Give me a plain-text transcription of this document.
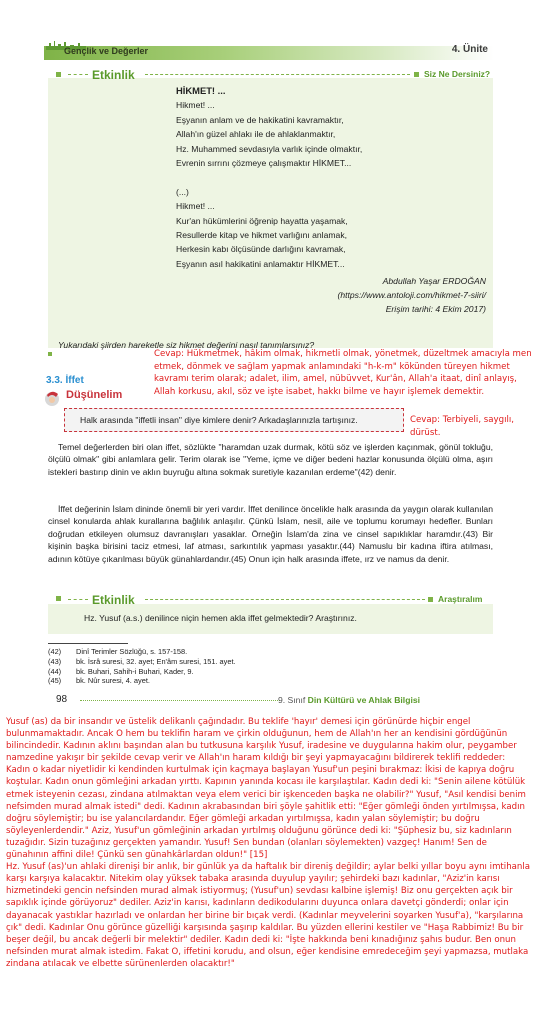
Gençlik ve Değerler	4. Ünite
Etkinlik	Siz Ne Dersiniz?
HİKMET! ...
Hikmet! ...
Eşyanın anlam ve de hakikatini kavramaktır,
Allah'ın güzel ahlakı ile de ahlaklanmaktır,
Hz. Muhammed sevdasıyla varlık içinde olmaktır,
Evrenin sırrını çözmeye çalışmaktır HİKMET...
(...)
Hikmet! ...
Kur'an hükümlerini öğrenip hayatta yaşamak,
Resullerde kitap ve hikmet varlığını anlamak,
Herkesin kabı ölçüsünde darlığını kavramak,
Eşyanın asıl hakikatini anlamaktır HİKMET...
Abdullah Yaşar ERDOĞAN
(https://www.antoloji.com/hikmet-7-siiri/
Erişim tarihi: 4 Ekim 2017)
Yukarıdaki şiirden hareketle siz hikmet değerini nasıl tanımlarsınız?
Cevap: Hükmetmek, hâkim olmak, hikmetli olmak, yönetmek, düzeltmek amacıyla men etmek, dönmek ve sağlam yapmak anlamındaki "h-k-m" kökünden türeyen hikmet kavramı terim olarak; adalet, ilim, amel, nübüvvet, Kur'ân, Allah'a itaat, dinî anlayış, Allah korkusu, akıl, söz ve işte isabet, hakkı bilme ve hayır işlemek demektir.
3.3. İffet
Düşünelim
Halk arasında "iffetli insan" diye kimlere denir? Arkadaşlarınızla tartışınız.	Cevap: Terbiyeli, saygılı, dürüst.
Temel değerlerden biri olan iffet, sözlükte "haramdan uzak durmak, kötü söz ve işlerden kaçınmak, gönül tokluğu, ölçülü olmak" gibi anlamlara gelir. Terim olarak ise "Yeme, içme ve diğer bedeni hazlar konusunda ölçülü olma, aşırı istekleri bastırıp dinin ve aklın buyruğu altına sokmak suretiyle kazanılan erdeme"(42) denir.
İffet değerinin İslam dininde önemli bir yeri vardır. İffet denilince öncelikle halk arasında da yaygın olarak kullanılan cinsel konularda ahlak kurallarına bağlılık anlaşılır. Çünkü İslam, nesil, aile ve toplumu korumayı hedefler. Bunları doğrudan etkileyen olumsuz davranışları yasaklar. Örneğin İslam'da zina ve cinsel sapıklıklar haramdır.(43) Bir kişinin başka birisini taciz etmesi, laf atması, sarkıntılık yapması yasaktır.(44) Namuslu bir kadına iftira atılması, adının kötüye çıkarılması büyük günahlardandır.(45) Onun için halk arasında iffete, ırz ve namus da denir.
Etkinlik	Araştıralım
Hz. Yusuf (a.s.) denilince niçin hemen akla iffet gelmektedir? Araştırınız.
(42) Dinî Terimler Sözlüğü, s. 157-158.
(43) bk. İsrâ suresi, 32. ayet; En'âm suresi, 151. ayet.
(44) bk. Buhari, Sahih-i Buhari, Kader, 9.
(45) bk. Nûr suresi, 4. ayet.
98	9. Sınıf Din Kültürü ve Ahlak Bilgisi
Yusuf (as) da bir insandır ve üstelik delikanlı çağındadır. Bu teklife 'hayır' demesi için görünürde hiçbir engel bulunmamaktadır. Ancak O hem bu teklifin haram ve çirkin olduğunun, hem de Allah'ın her an kendisini gördüğünün bilincindedir. Kadının aklını başından alan bu tutkusuna karşılık Yusuf, iradesine ve duygularına hakim olur, peygamber namzedine yakışır bir şekilde cevap verir ve Allah'ın haram kıldığı bir şeyi yapmayacağını bildirerek teklifi reddeder:
Kadın o kadar niyetlidir ki kendinden kurtulmak için kaçmaya başlayan Yusuf'un peşini bırakmaz: İkisi de kapıya doğru koştular. Kadın onun gömleğini arkadan yırttı. Kapının yanında kocası ile karşılaştılar. Kadın dedi ki: "Senin ailene kötülük etmek isteyenin cezası, zindana atılmaktan veya elem verici bir işkenceden başka ne olabilir?" Yusuf, "Asıl kendisi benim nefsimden murad almak istedi" dedi. Kadının akrabasından biri şöyle şahitlik etti: "Eğer gömleği önden yırtılmışsa, kadın doğru söylemiştir; bu ise yalancılardandır. Eğer gömleği arkadan yırtılmışsa, kadın yalan söylemiştir; bu doğru söyleyenlerdendir." Aziz, Yusuf'un gömleğinin arkadan yırtılmış olduğunu görünce dedi ki: "Şüphesiz bu, siz kadınların tuzağıdır. Sizin tuzağınız gerçekten yamandır. Yusuf! Sen bundan (olanları söylemekten) vazgeç! Hanım! Sen de günahının affini dile! Çünkü sen günahkârlardan oldun!" [15]
Hz. Yusuf (as)'un ahlaki direnişi bir anlık, bir günlük ya da haftalık bir direniş değildir; aylar belki yıllar boyu aynı imtihanla karşı karşıya kalacaktır. Nitekim olay yüksek tabaka arasında duyulup yayılır; şehirdeki bazı kadınlar, "Aziz'in karısı hizmetindeki gencin nefsinden murad almak istiyormuş; (Yusuf'un) sevdası kalbine işlemiş! Biz onu gerçekten açık bir sapıklık içinde görüyoruz" dediler. Aziz'in karısı, kadınların dedikodularını duyunca onlara davetçi gönderdi; onlar için dayanacak yastıklar hazırladı ve onlardan her birine bir bıçak verdi. (Kadınlar meyvelerini soyarken Yusuf'a), "karşılarına çık" dedi. Kadınlar Onu görünce güzelliği karşısında şaşırıp kaldılar. Bu yüzden ellerini kestiler ve "Haşa Rabbimiz! Bu bir beşer değil, bu ancak değerli bir melektir" dediler. Kadın dedi ki: "İşte hakkında beni kınadığınız şahıs budur. Ben onun nefsinden murat almak istedim. Fakat O, iffetini korudu, and olsun, eğer kendisine emredeceğim şeyi yapmazsa, mutlaka zindana atılacak ve elbette sürünenlerden olacaktır!"
